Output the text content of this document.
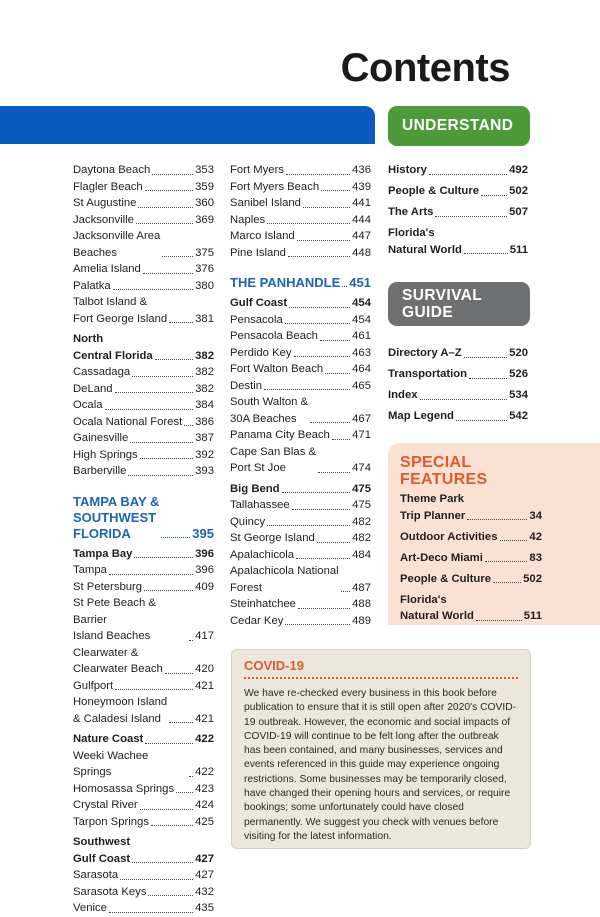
Contents
Daytona Beach	353
Flagler Beach	359
St Augustine	360
Jacksonville	369
Jacksonville Area
Beaches	375
Amelia Island	376
Palatka	380
Talbot Island &
Fort George Island 381
North
Central Florida	382
Cassadaga	382
DeLand	382
Ocala	384
Ocala National Forest 386
Gainesville	387
High Springs	392
Barberville	393
TAMPA BAY &
SOUTHWEST
FLORIDA	395
Tampa Bay	396
Tampa	396
St Petersburg	409
St Pete Beach & Barrier
Island Beaches	417
Clearwater &
Clearwater Beach	420
Gulfport	421
Honeymoon Island
& Caladesi Island	421
Nature Coast	422
Weeki Wachee Springs	422
Homosassa Springs 423
Crystal River	424
Tarpon Springs	425
Southwest
Gulf Coast	427
Sarasota	427
Sarasota Keys	432
Venice	435
Fort Myers	436
Fort Myers Beach	439
Sanibel Island	441
Naples	444
Marco Island	447
Pine Island	448
THE PANHANDLE 451
Gulf Coast	454
Pensacola	454
Pensacola Beach	461
Perdido Key	463
Fort Walton Beach	464
Destin	465
South Walton &
30A Beaches	467
Panama City Beach 471
Cape San Blas &
Port St Joe	474
Big Bend	475
Tallahassee	475
Quincy	482
St George Island	482
Apalachicola	484
Apalachicola National
Forest	487
Steinhatchee	488
Cedar Key	489
UNDERSTAND
History	492
People & Culture	502
The Arts	507
Florida's
Natural World	511
SURVIVAL
GUIDE
Directory A–Z	520
Transportation	526
Index	534
Map Legend	542
SPECIAL
FEATURES
Theme Park
Trip Planner	34
Outdoor Activities	42
Art-Deco Miami	83
People & Culture	502
Florida's
Natural World	511
COVID-19
We have re-checked every business in this book before publication to ensure that it is still open after 2020's COVID-19 outbreak. However, the economic and social impacts of COVID-19 will continue to be felt long after the outbreak has been contained, and many businesses, services and events referenced in this guide may experience ongoing restrictions. Some businesses may be temporarily closed, have changed their opening hours and services, or require bookings; some unfortunately could have closed permanently. We suggest you check with venues before visiting for the latest information.
